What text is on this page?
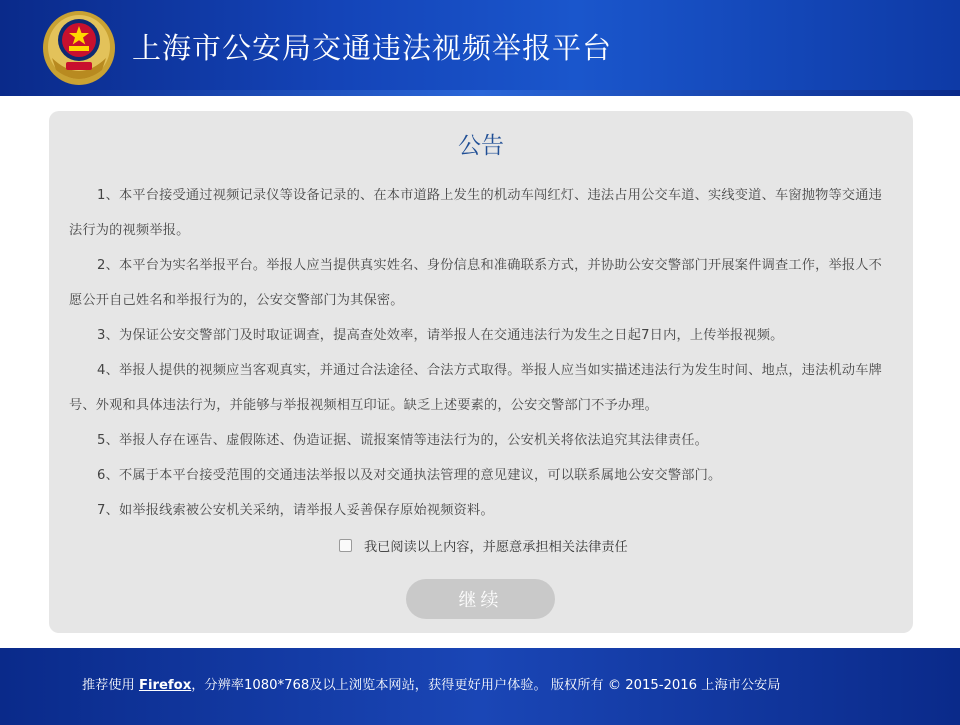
上海市公安局交通违法视频举报平台
公告

1、本平台接受通过视频记录仪等设备记录的、在本市道路上发生的机动车闯红灯、违法占用公交车道、实线变道、车窗抛物等交通违法行为的视频举报。

2、本平台为实名举报平台。举报人应当提供真实姓名、身份信息和准确联系方式，并协助公安交警部门开展案件调查工作，举报人不愿公开自己姓名和举报行为的，公安交警部门为其保密。

3、为保证公安交警部门及时取证调查，提高查处效率，请举报人在交通违法行为发生之日起7日内，上传举报视频。

4、举报人提供的视频应当客观真实，并通过合法途径、合法方式取得。举报人应当如实描述违法行为发生时间、地点，违法机动车牌号、外观和具体违法行为，并能够与举报视频相互印证。缺乏上述要素的，公安交警部门不予办理。

5、举报人存在诬告、虚假陈述、伪造证据、谎报案情等违法行为的，公安机关将依法追究其法律责任。

6、不属于本平台接受范围的交通违法举报以及对交通执法管理的意见建议，可以联系属地公安交警部门。

7、如举报线索被公安机关采纳，请举报人妥善保存原始视频资料。

我已阅读以上内容，并愿意承担相关法律责任
继续
推荐使用 Firefox，分辨率1080*768及以上浏览本网站，获得更好用户体验。 版权所有 © 2015-2016 上海市公安局
